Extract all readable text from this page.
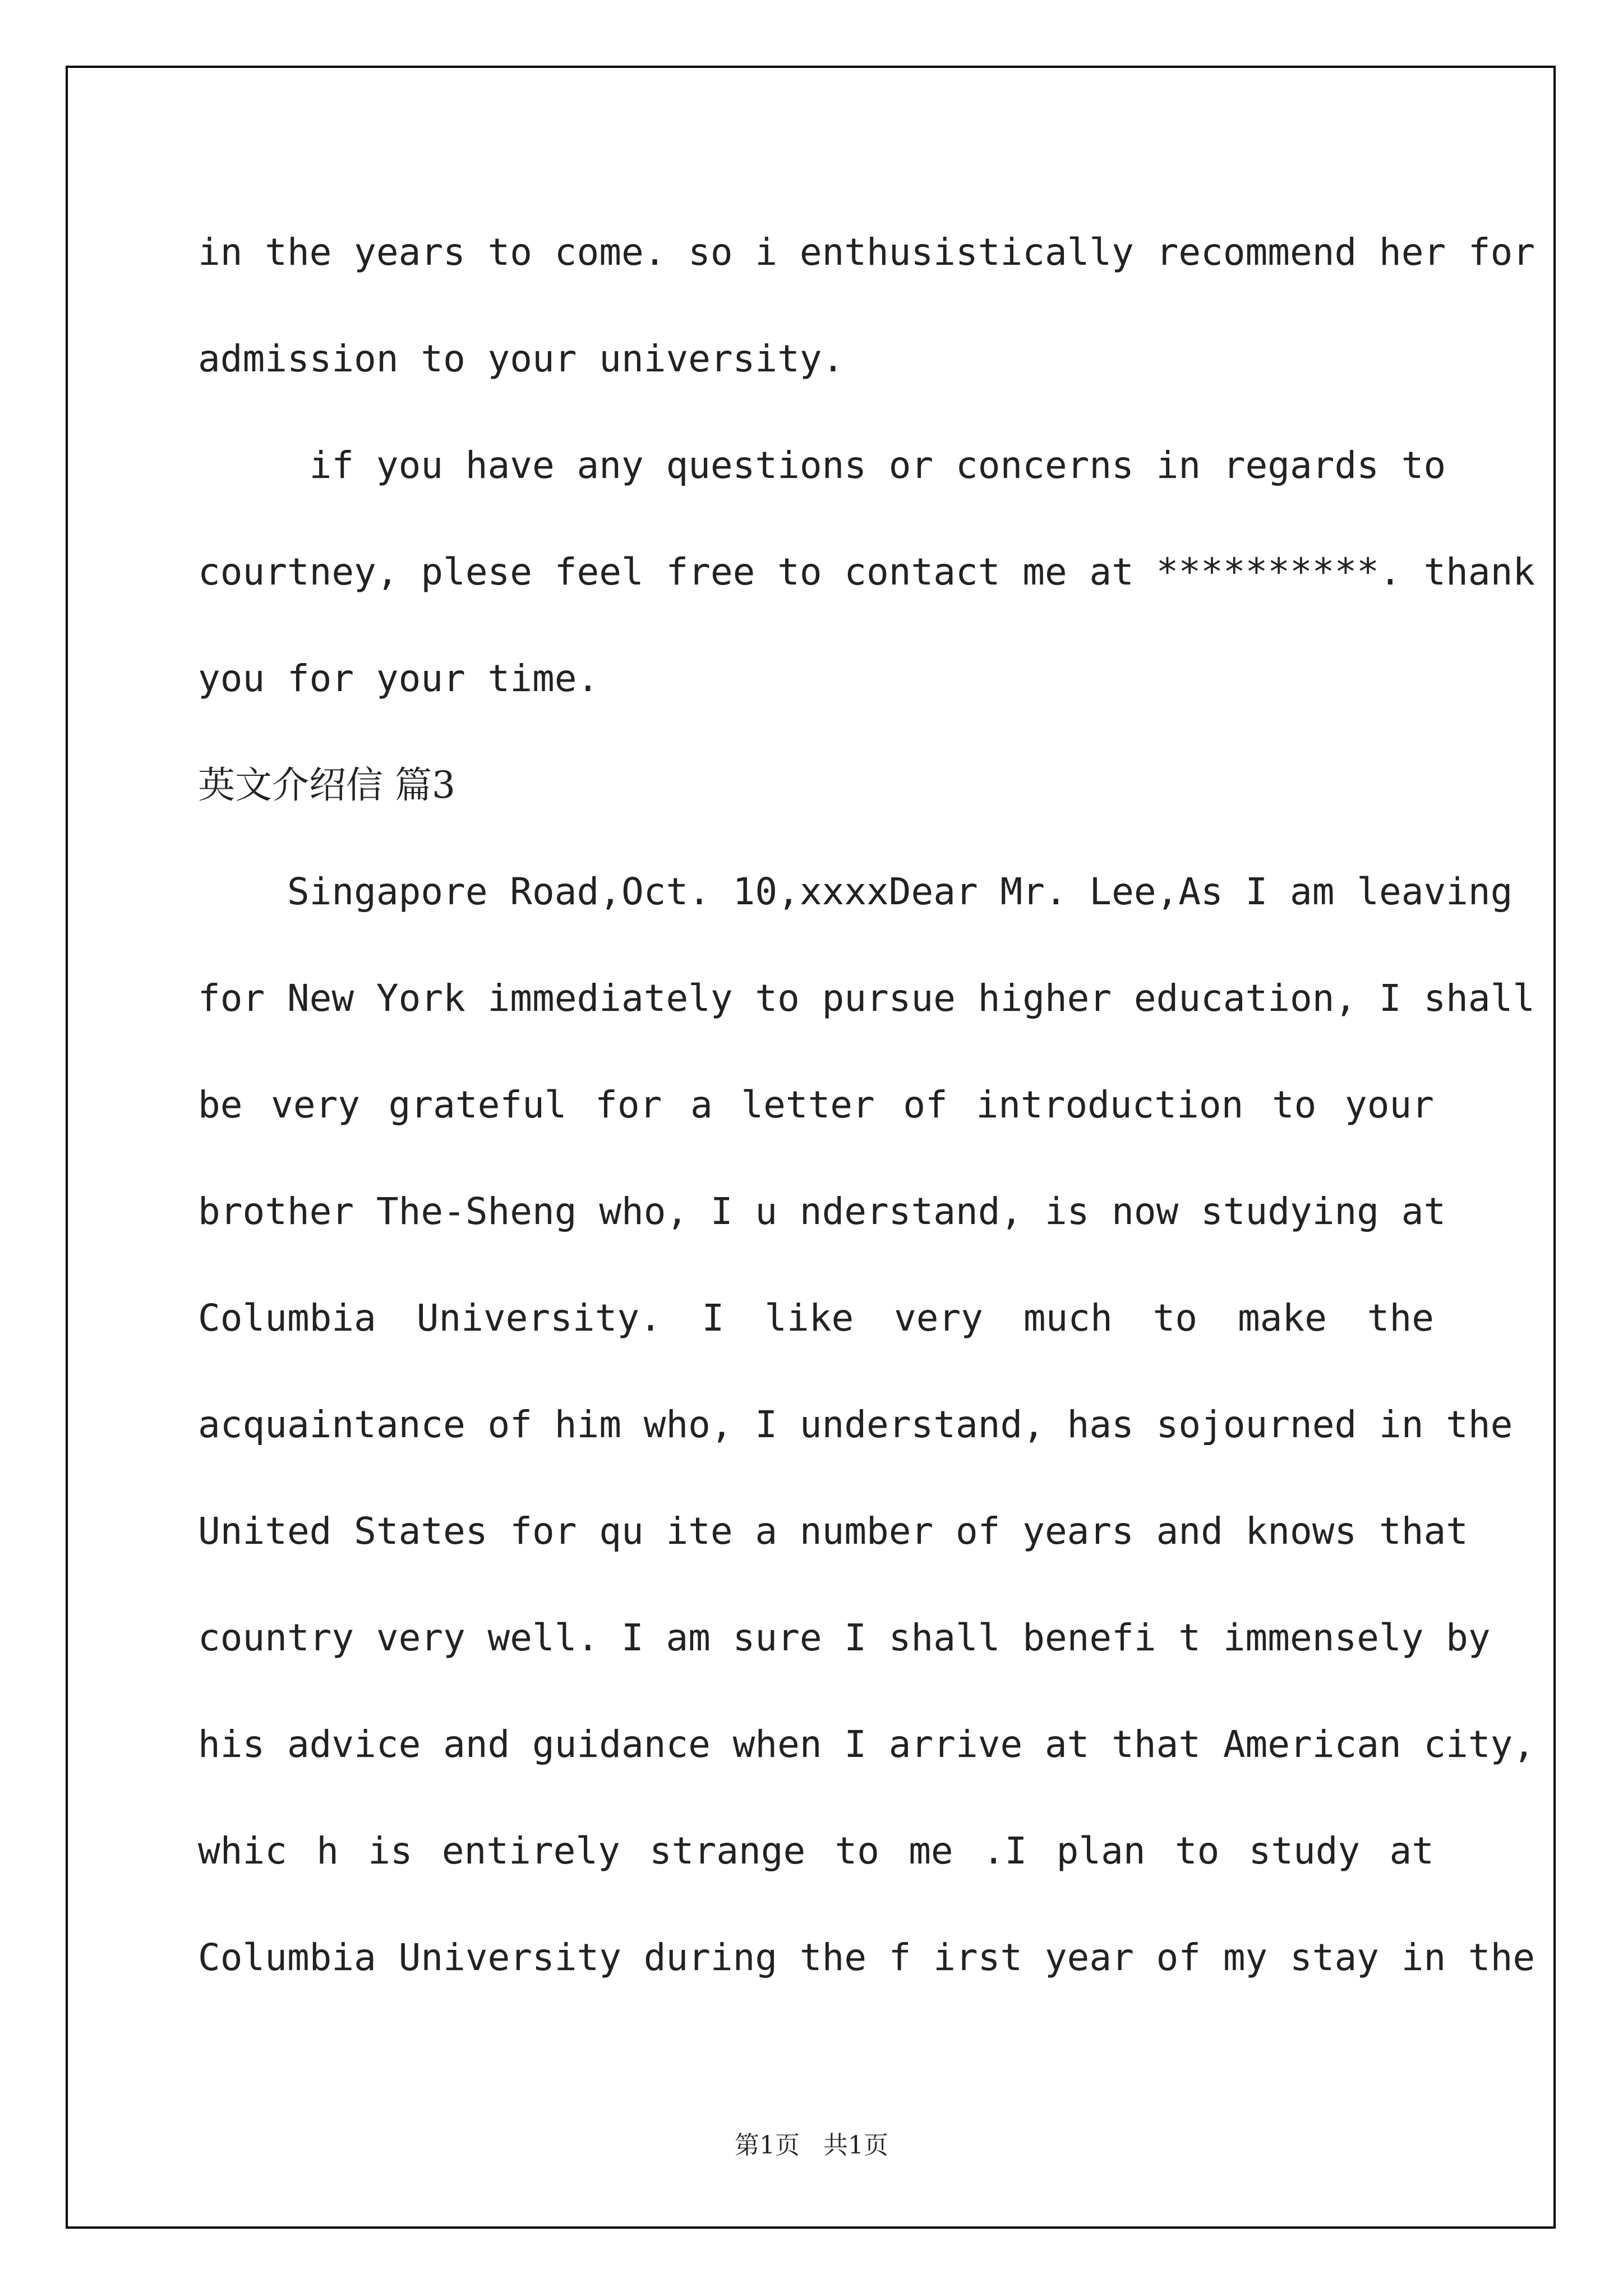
in the years to come. so i enthusistically recommend her for
admission to your university.
if you have any questions or concerns in regards to
courtney, plese feel free to contact me at **********. thank
you for your time.
英文介绍信 篇3
Singapore Road,Oct. 10,xxxxDear Mr. Lee,As I am leaving
for New York immediately to pursue higher education, I shall
be very grateful for a letter of introduction to your
brother The-Sheng who, I u nderstand, is now studying at
Columbia University. I like very much to make the
acquaintance of him who, I understand, has sojourned in the
United States for qu ite a number of years and knows that
country very well. I am sure I shall benefi t immensely by
his advice and guidance when I arrive at that American city,
whic h is entirely strange to me .I plan to study at
Columbia University during the f irst year of my stay in the
第1页   共1页
